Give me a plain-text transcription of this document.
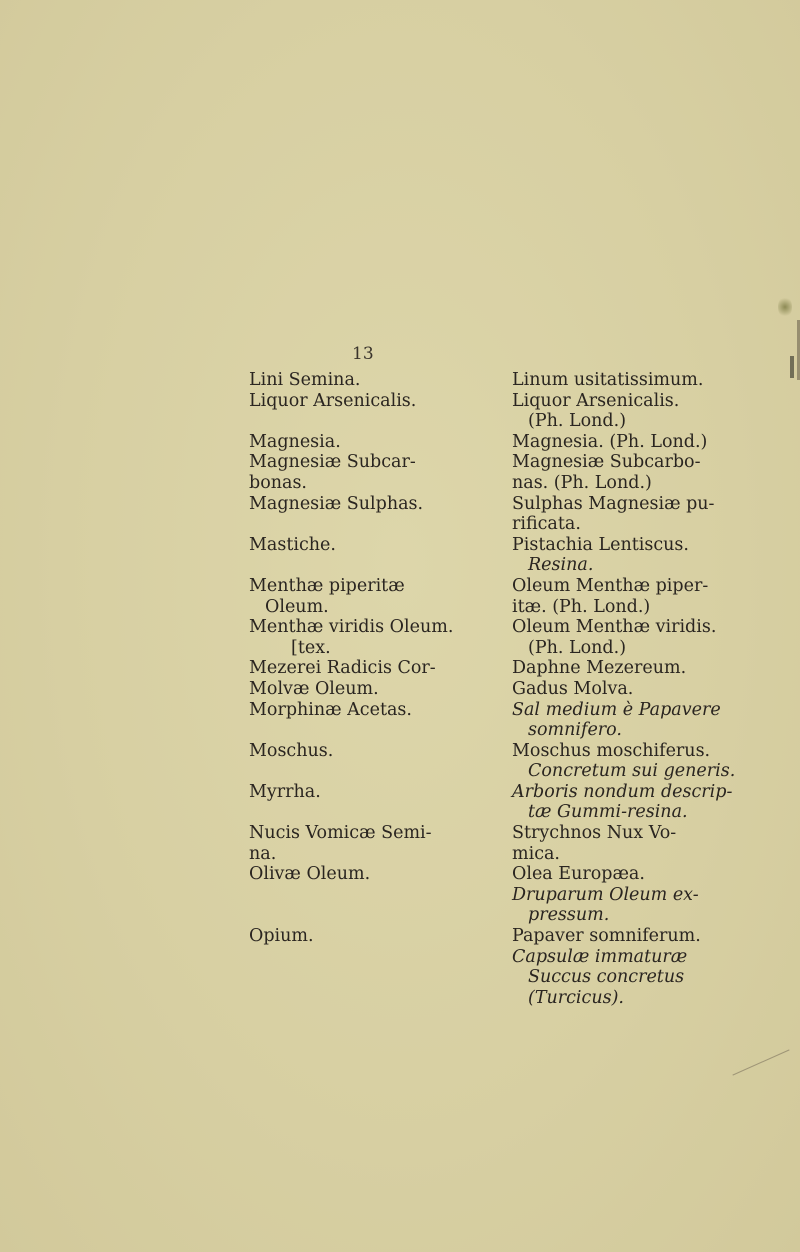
13
Lini Semina.
Liquor Arsenicalis.
Magnesia.
Magnesiæ Subcar-
bonas.
Magnesiæ Sulphas.
Mastiche.
Menthæ piperitæ
Oleum.
Menthæ viridis Oleum.
[tex.
Mezerei Radicis Cor-
Molvæ Oleum.
Morphinæ Acetas.
Moschus.
Myrrha.
Nucis Vomicæ Semi-
na.
Olivæ Oleum.
Opium.
Linum usitatissimum.
Liquor Arsenicalis.
(Ph. Lond.)
Magnesia. (Ph. Lond.)
Magnesiæ Subcarbo-
nas. (Ph. Lond.)
Sulphas Magnesiæ pu-
rificata.
Pistachia Lentiscus.
Resina.
Oleum Menthæ piper-
itæ. (Ph. Lond.)
Oleum Menthæ viridis.
(Ph. Lond.)
Daphne Mezereum.
Gadus Molva.
Sal medium è Papavere
somnifero.
Moschus moschiferus.
Concretum sui generis.
Arboris nondum descrip-
tæ Gummi-resina.
Strychnos Nux Vo-
mica.
Olea Europæa.
Druparum Oleum ex-
pressum.
Papaver somniferum.
Capsulæ immaturæ
Succus concretus
(Turcicus).
